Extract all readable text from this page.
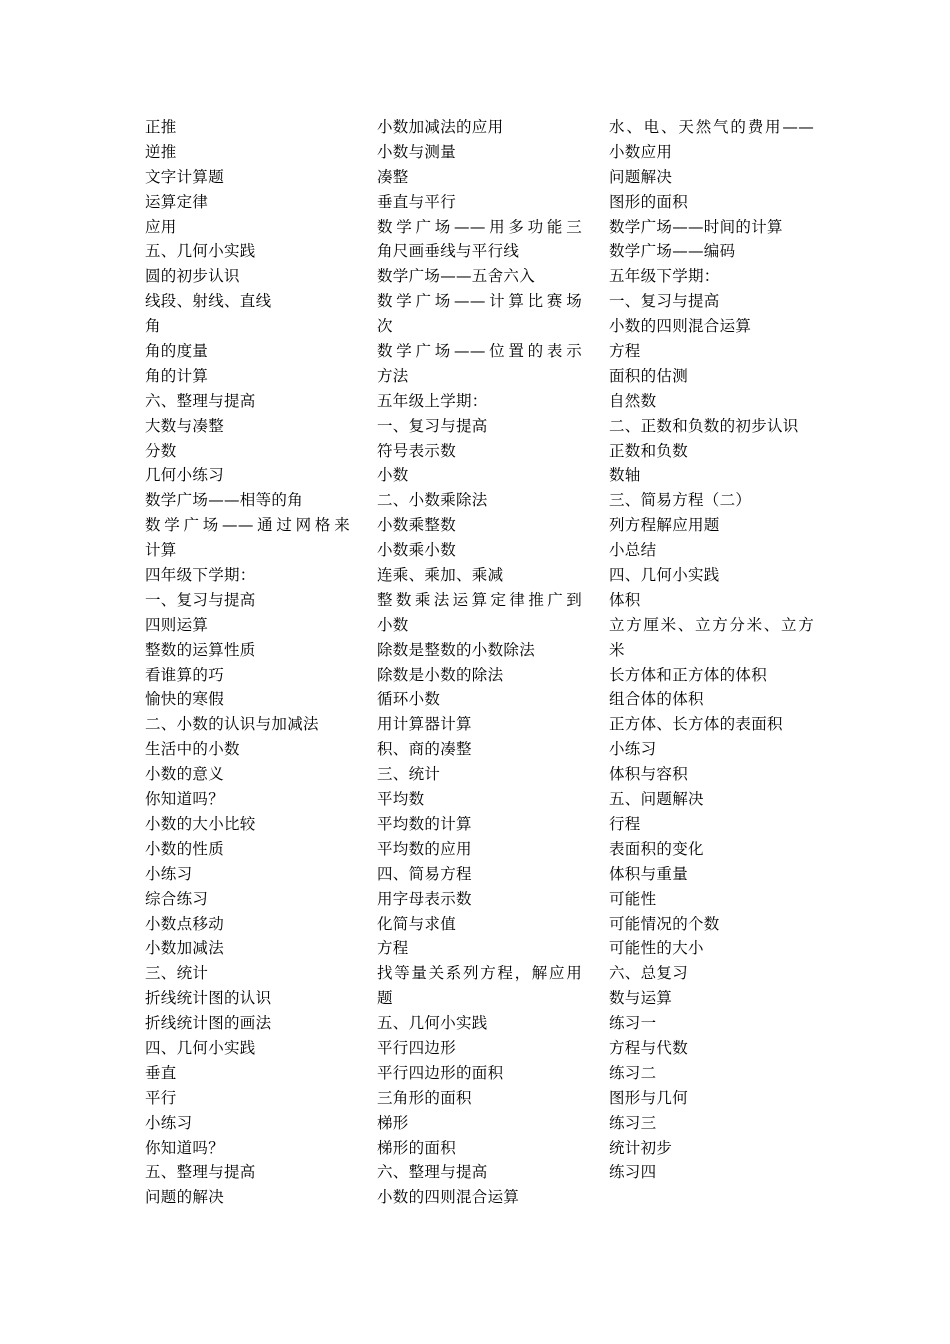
正推
逆推
文字计算题
运算定律
应用
五、几何小实践
圆的初步认识
线段、射线、直线
角
角的度量
角的计算
六、整理与提高
大数与凑整
分数
几何小练习
数学广场——相等的角
数学广场——通过网格来
计算
四年级下学期：
一、复习与提高
四则运算
整数的运算性质
看谁算的巧
愉快的寒假
二、小数的认识与加减法
生活中的小数
小数的意义
你知道吗？
小数的大小比较
小数的性质
小练习
综合练习
小数点移动
小数加减法
三、统计
折线统计图的认识
折线统计图的画法
四、几何小实践
垂直
平行
小练习
你知道吗？
五、整理与提高
问题的解决
小数加减法的应用
小数与测量
凑整
垂直与平行
数学广场——用多功能三
角尺画垂线与平行线
数学广场——五舍六入
数学广场——计算比赛场
次
数学广场——位置的表示
方法
五年级上学期：
一、复习与提高
符号表示数
小数
二、小数乘除法
小数乘整数
小数乘小数
连乘、乘加、乘减
整数乘法运算定律推广到
小数
除数是整数的小数除法
除数是小数的除法
循环小数
用计算器计算
积、商的凑整
三、统计
平均数
平均数的计算
平均数的应用
四、简易方程
用字母表示数
化简与求值
方程
找等量关系列方程，解应用
题
五、几何小实践
平行四边形
平行四边形的面积
三角形的面积
梯形
梯形的面积
六、整理与提高
小数的四则混合运算
水、电、天然气的费用——
小数应用
问题解决
图形的面积
数学广场——时间的计算
数学广场——编码
五年级下学期：
一、复习与提高
小数的四则混合运算
方程
面积的估测
自然数
二、正数和负数的初步认识
正数和负数
数轴
三、简易方程（二）
列方程解应用题
小总结
四、几何小实践
体积
立方厘米、立方分米、立方
米
长方体和正方体的体积
组合体的体积
正方体、长方体的表面积
小练习
体积与容积
五、问题解决
行程
表面积的变化
体积与重量
可能性
可能情况的个数
可能性的大小
六、总复习
数与运算
练习一
方程与代数
练习二
图形与几何
练习三
统计初步
练习四
